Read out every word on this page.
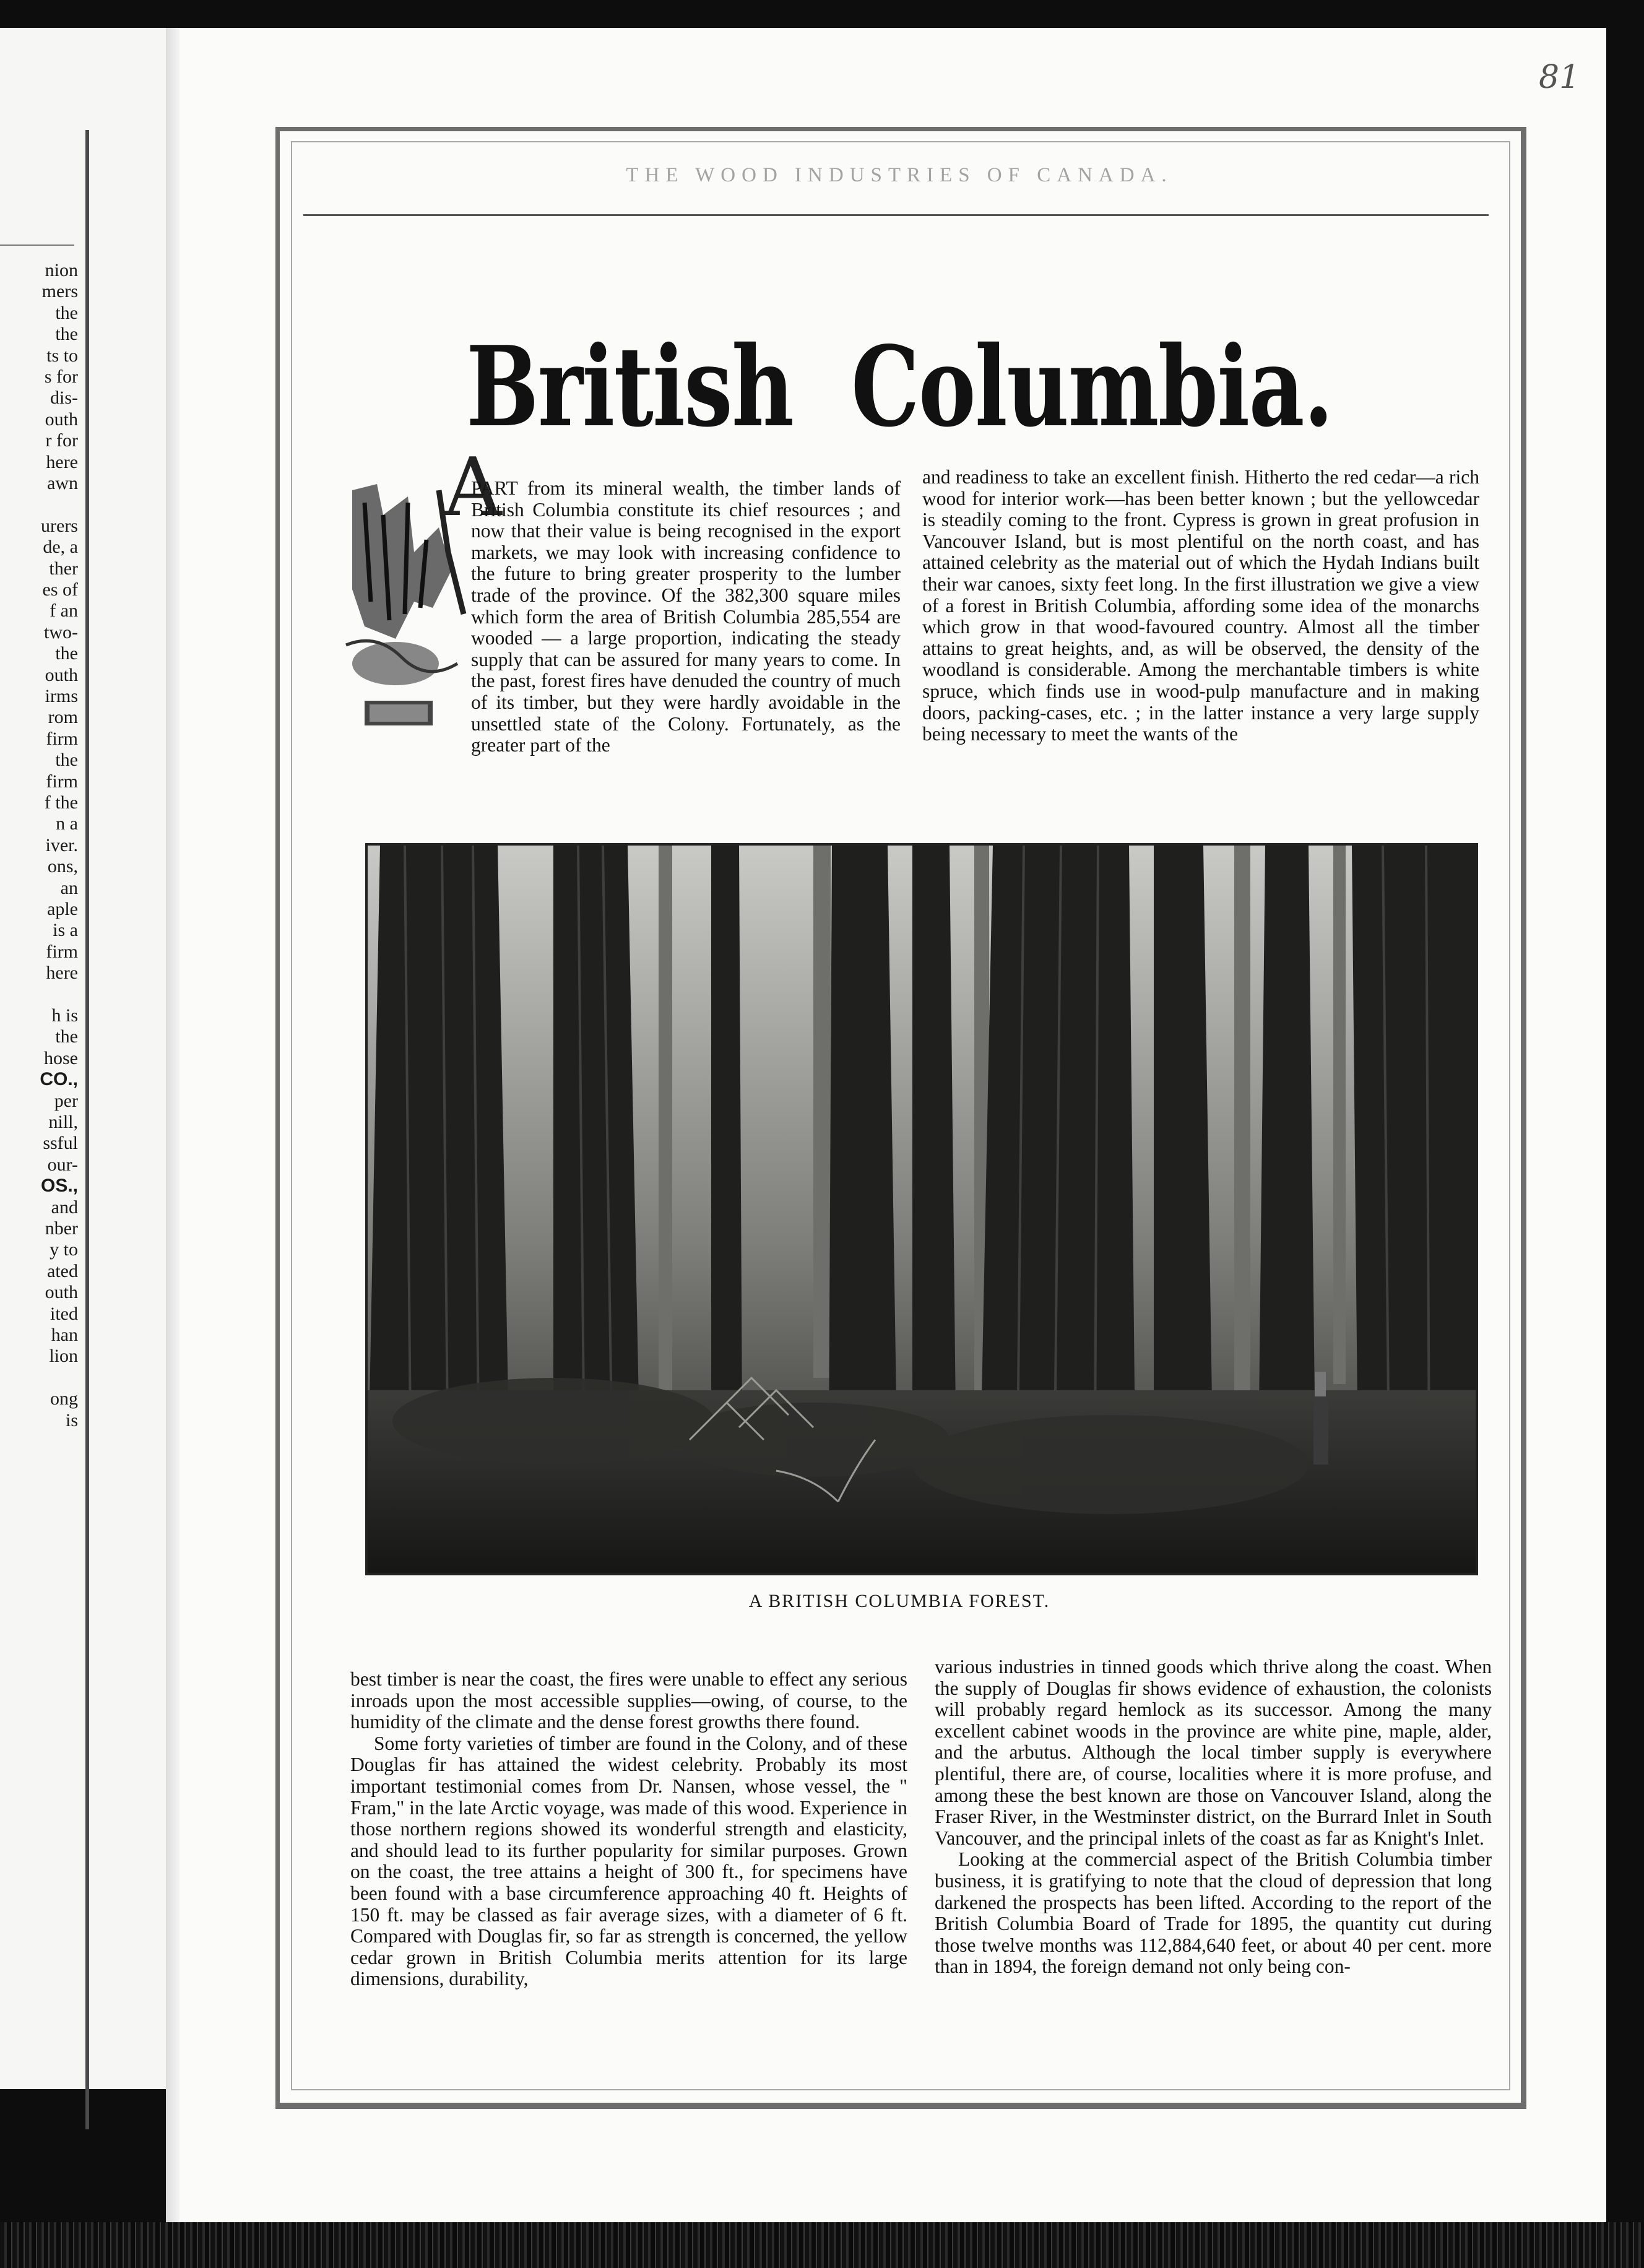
nion
mers
the
the
ts to
s for
dis-
outh
r for
here
awn
urers
de, a
ther
es of
f an
two-
the
outh
irms
rom
firm
the
firm
f the
n a
iver.
ons,
an
aple
is a
firm
here
h is
the
hose
CO.,
per
nill,
ssful
our-
OS.,
and
nber
y to
ated
outh
ited
han
lion
ong
is
81
THE WOOD INDUSTRIES OF CANADA.
British Columbia.
A

PART from its mineral wealth, the timber lands of British Columbia constitute its chief resources ; and now that their value is being recognised in the export markets, we may look with increasing confidence to the future to bring greater prosperity to the lumber trade of the province. Of the 382,300 square miles which form the area of British Columbia 285,554 are wooded — a large proportion, indicating the steady supply that can be assured for many years to come. In the past, forest fires have denuded the country of much of its timber, but they were hardly avoidable in the unsettled state of the Colony. Fortunately, as the greater part of the

and readiness to take an excellent finish. Hitherto the red cedar—a rich wood for interior work—has been better known ; but the yellowcedar is steadily coming to the front. Cypress is grown in great profusion in Vancouver Island, but is most plentiful on the north coast, and has attained celebrity as the material out of which the Hydah Indians built their war canoes, sixty feet long. In the first illustration we give a view of a forest in British Columbia, affording some idea of the monarchs which grow in that wood-favoured country. Almost all the timber attains to great heights, and, as will be observed, the density of the woodland is considerable. Among the merchantable timbers is white spruce, which finds use in wood-pulp manufacture and in making doors, packing-cases, etc. ; in the latter instance a very large supply being necessary to meet the wants of the

A BRITISH COLUMBIA FOREST.

best timber is near the coast, the fires were unable to effect any serious inroads upon the most accessible supplies—owing, of course, to the humidity of the climate and the dense forest growths there found.

Some forty varieties of timber are found in the Colony, and of these Douglas fir has attained the widest celebrity. Probably its most important testimonial comes from Dr. Nansen, whose vessel, the " Fram," in the late Arctic voyage, was made of this wood. Experience in those northern regions showed its wonderful strength and elasticity, and should lead to its further popularity for similar purposes. Grown on the coast, the tree attains a height of 300 ft., for specimens have been found with a base circumference approaching 40 ft. Heights of 150 ft. may be classed as fair average sizes, with a diameter of 6 ft. Compared with Douglas fir, so far as strength is concerned, the yellow cedar grown in British Columbia merits attention for its large dimensions, durability,

various industries in tinned goods which thrive along the coast. When the supply of Douglas fir shows evidence of exhaustion, the colonists will probably regard hemlock as its successor. Among the many excellent cabinet woods in the province are white pine, maple, alder, and the arbutus. Although the local timber supply is everywhere plentiful, there are, of course, localities where it is more profuse, and among these the best known are those on Vancouver Island, along the Fraser River, in the Westminster district, on the Burrard Inlet in South Vancouver, and the principal inlets of the coast as far as Knight's Inlet.

Looking at the commercial aspect of the British Columbia timber business, it is gratifying to note that the cloud of depression that long darkened the prospects has been lifted. According to the report of the British Columbia Board of Trade for 1895, the quantity cut during those twelve months was 112,884,640 feet, or about 40 per cent. more than in 1894, the foreign demand not only being con-
